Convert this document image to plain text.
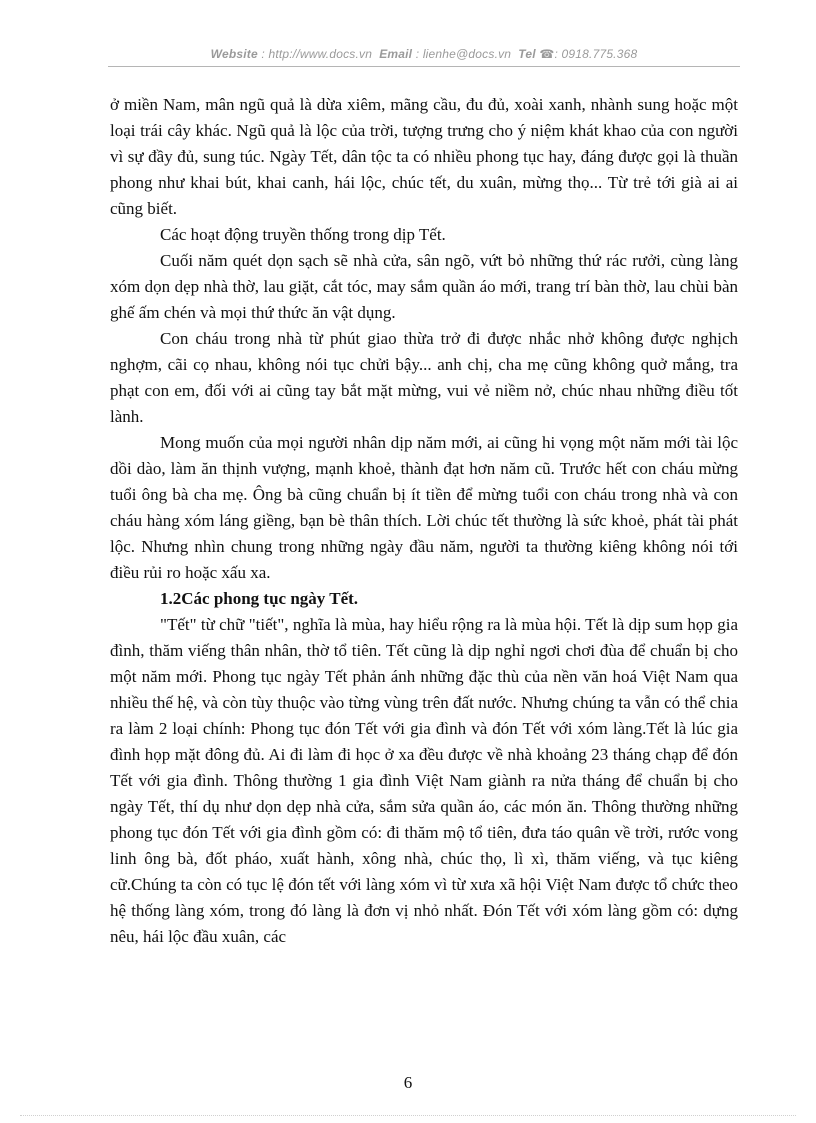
Website : http://www.docs.vn Email : lienhe@docs.vn Tel ☎: 0918.775.368

ở miền Nam, mân ngũ quả là dừa xiêm, mãng cầu, đu đủ, xoài xanh, nhành sung hoặc một loại trái cây khác. Ngũ quả là lộc của trời, tượng trưng cho ý niệm khát khao của con người vì sự đầy đủ, sung túc. Ngày Tết, dân tộc ta có nhiều phong tục hay, đáng được gọi là thuần phong như khai bút, khai canh, hái lộc, chúc tết, du xuân, mừng thọ... Từ trẻ tới già ai ai cũng biết.

Các hoạt động truyền thống trong dịp Tết.

Cuối năm quét dọn sạch sẽ nhà cửa, sân ngõ, vứt bỏ những thứ rác rưởi, cùng làng xóm dọn dẹp nhà thờ, lau giặt, cắt tóc, may sắm quần áo mới, trang trí bàn thờ, lau chùi bàn ghế ấm chén và mọi thứ thức ăn vật dụng.

Con cháu trong nhà từ phút giao thừa trở đi được nhắc nhở không được nghịch nghợm, cãi cọ nhau, không nói tục chửi bậy... anh chị, cha mẹ cũng không quở mắng, tra phạt con em, đối với ai cũng tay bắt mặt mừng, vui vẻ niềm nở, chúc nhau những điều tốt lành.

Mong muốn của mọi người nhân dịp năm mới, ai cũng hi vọng một năm mới tài lộc dồi dào, làm ăn thịnh vượng, mạnh khoẻ, thành đạt hơn năm cũ. Trước hết con cháu mừng tuổi ông bà cha mẹ. Ông bà cũng chuẩn bị ít tiền để mừng tuổi con cháu trong nhà và con cháu hàng xóm láng giềng, bạn bè thân thích. Lời chúc tết thường là sức khoẻ, phát tài phát lộc. Nhưng nhìn chung trong những ngày đầu năm, người ta thường kiêng không nói tới điều rủi ro hoặc xấu xa.

1.2Các phong tục ngày Tết.

"Tết" từ chữ "tiết", nghĩa là mùa, hay hiểu rộng ra là mùa hội. Tết là dịp sum họp gia đình, thăm viếng thân nhân, thờ tổ tiên. Tết cũng là dịp nghỉ ngơi chơi đùa để chuẩn bị cho một năm mới. Phong tục ngày Tết phản ánh những đặc thù của nền văn hoá Việt Nam qua nhiều thế hệ, và còn tùy thuộc vào từng vùng trên đất nước. Nhưng chúng ta vẫn có thể chia ra làm 2 loại chính: Phong tục đón Tết với gia đình và đón Tết với xóm làng.Tết là lúc gia đình họp mặt đông đủ. Ai đi làm đi học ở xa đều được về nhà khoảng 23 tháng chạp để đón Tết với gia đình. Thông thường 1 gia đình Việt Nam giành ra nửa tháng để chuẩn bị cho ngày Tết, thí dụ như dọn dẹp nhà cửa, sắm sửa quần áo, các món ăn. Thông thường những phong tục đón Tết với gia đình gồm có: đi thăm mộ tổ tiên, đưa táo quân về trời, rước vong linh ông bà, đốt pháo, xuất hành, xông nhà, chúc thọ, lì xì, thăm viếng, và tục kiêng cữ.Chúng ta còn có tục lệ đón tết với làng xóm vì từ xưa xã hội Việt Nam được tổ chức theo hệ thống làng xóm, trong đó làng là đơn vị nhỏ nhất. Đón Tết với xóm làng gồm có: dựng nêu, hái lộc đầu xuân, các

6
